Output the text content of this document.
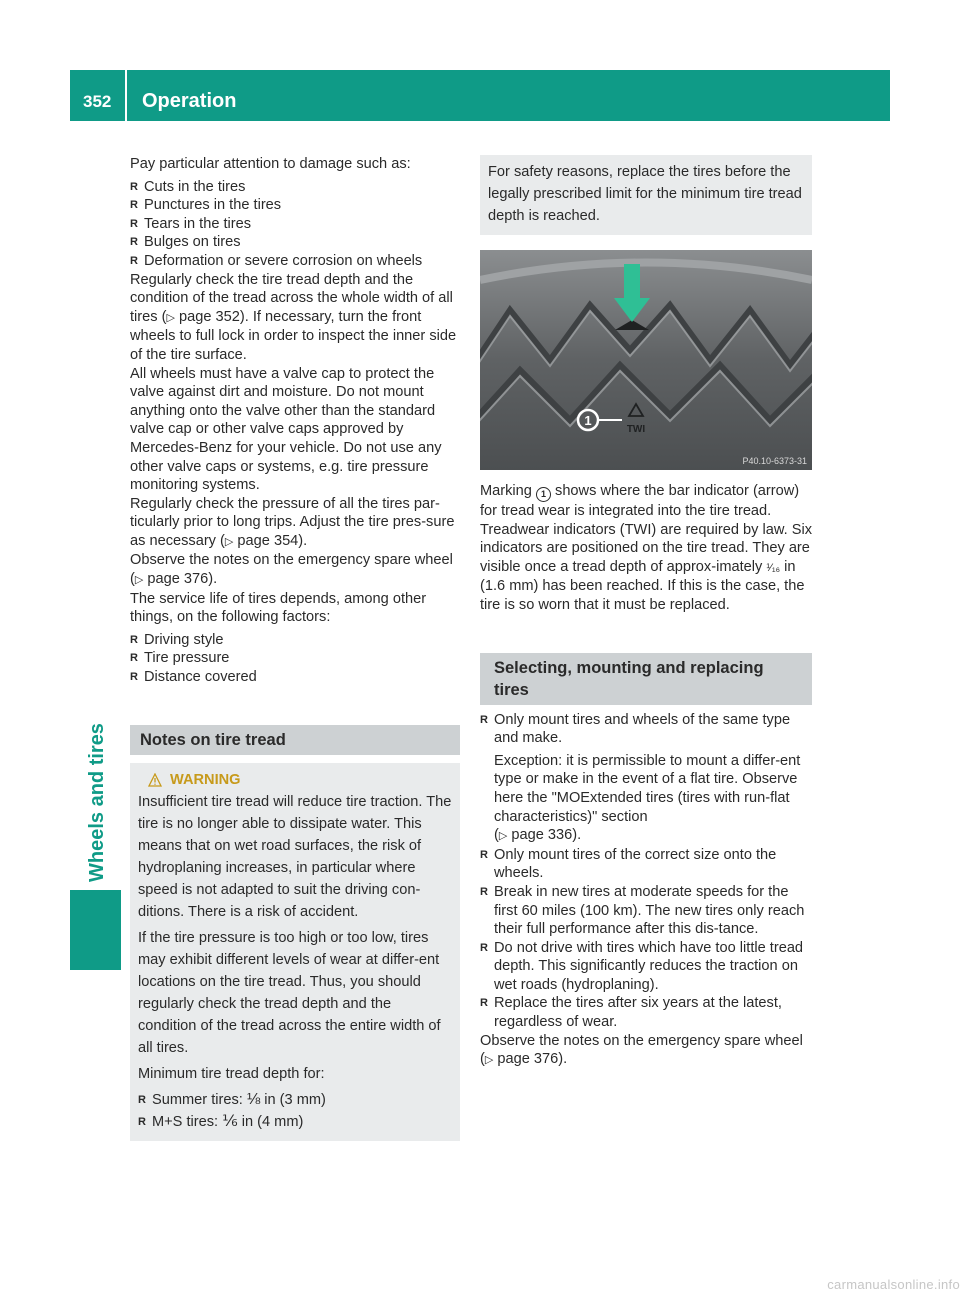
352 Operation
Wheels and tires

Pay particular attention to damage such as:

R Cuts in the tires
R Punctures in the tires
R Tears in the tires
R Bulges on tires
R Deformation or severe corrosion on wheels

Regularly check the tire tread depth and the condition of the tread across the whole width of all tires (▷ page 352). If necessary, turn the front wheels to full lock in order to inspect the inner side of the tire surface.

All wheels must have a valve cap to protect the valve against dirt and moisture. Do not mount anything onto the valve other than the standard valve cap or other valve caps approved by Mercedes-Benz for your vehicle. Do not use any other valve caps or systems, e.g. tire pressure monitoring systems.

Regularly check the pressure of all the tires par-ticularly prior to long trips. Adjust the tire pres-sure as necessary (▷ page 354).

Observe the notes on the emergency spare wheel (▷ page 376).

The service life of tires depends, among other things, on the following factors:

R Driving style
R Tire pressure
R Distance covered
Notes on tire tread
WARNING

Insufficient tire tread will reduce tire traction. The tire is no longer able to dissipate water. This means that on wet road surfaces, the risk of hydroplaning increases, in particular where speed is not adapted to suit the driving con-ditions. There is a risk of accident.

If the tire pressure is too high or too low, tires may exhibit different levels of wear at differ-ent locations on the tire tread. Thus, you should regularly check the tread depth and the condition of the tread across the entire width of all tires.

Minimum tire tread depth for:

R Summer tires: ⅛ in (3 mm)
R M+S tires: ⅙ in (4 mm)
For safety reasons, replace the tires before the legally prescribed limit for the minimum tire tread depth is reached.
1
TWI
P40.10-6373-31

Marking 1 shows where the bar indicator (arrow) for tread wear is integrated into the tire tread.

Treadwear indicators (TWI) are required by law. Six indicators are positioned on the tire tread. They are visible once a tread depth of approx-imately ¹⁄₁₆ in (1.6 mm) has been reached. If this is the case, the tire is so worn that it must be replaced.

Selecting, mounting and replacing tires
R Only mount tires and wheels of the same type and make.

Exception: it is permissible to mount a differ-ent type or make in the event of a flat tire. Observe here the "MOExtended tires (tires with run-flat characteristics)" section
(▷ page 336).

R Only mount tires of the correct size onto the wheels.
R Break in new tires at moderate speeds for the first 60 miles (100 km). The new tires only reach their full performance after this dis-tance.
R Do not drive with tires which have too little tread depth. This significantly reduces the traction on wet roads (hydroplaning).
R Replace the tires after six years at the latest, regardless of wear.

Observe the notes on the emergency spare wheel (▷ page 376).

carmanualsonline.info
